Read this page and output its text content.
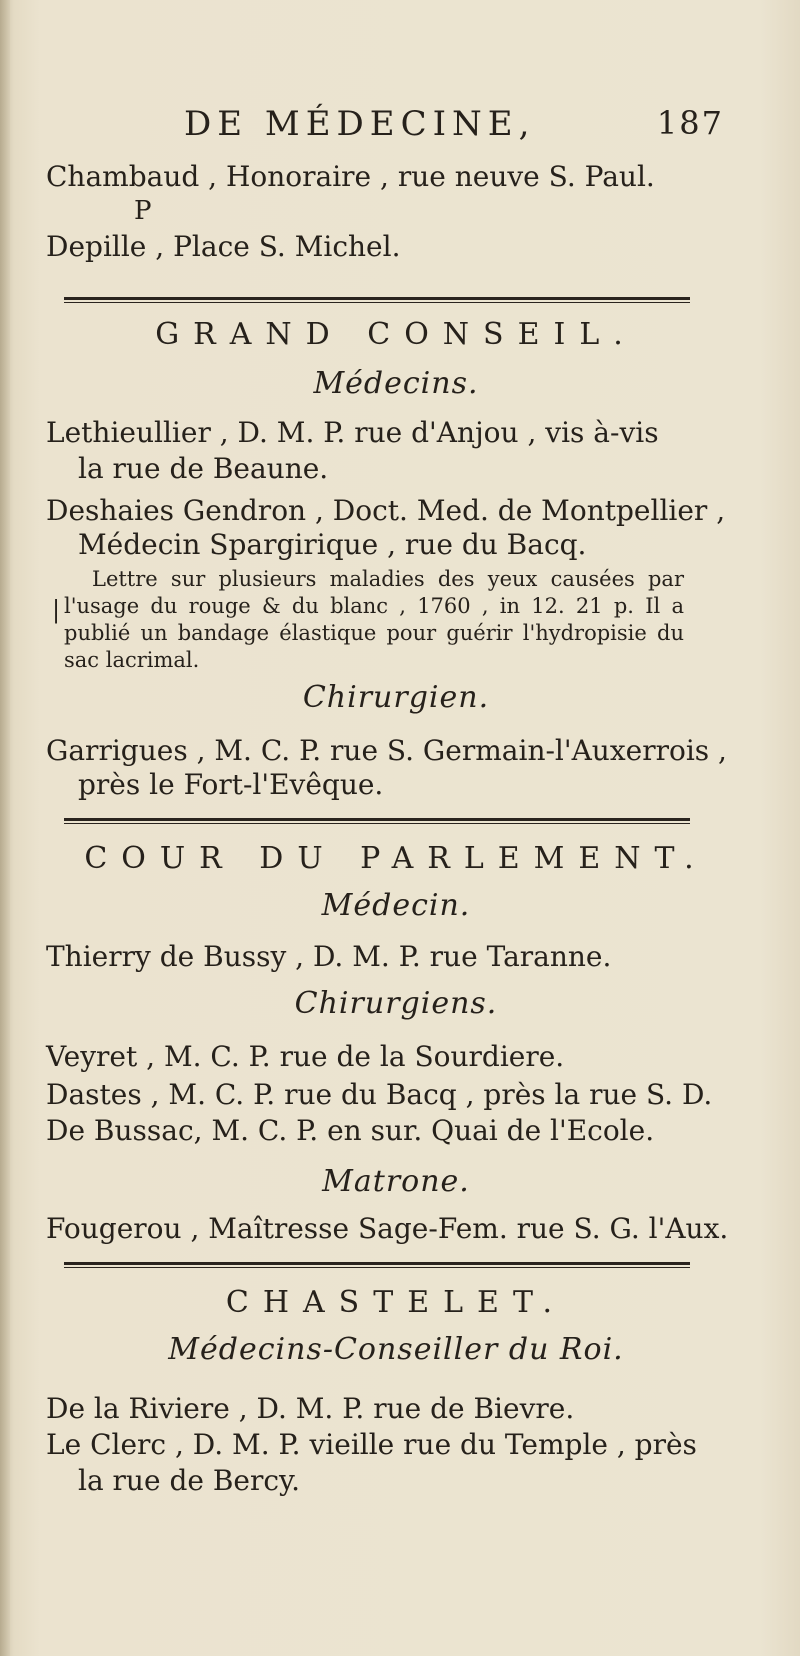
DE MÉDECINE,	187
Chambaud , Honoraire , rue neuve S. Paul.
P
Depille , Place S. Michel.
GRAND CONSEIL.
Médecins.
Lethieullier , D. M. P. rue d'Anjou , vis à-vis
la rue de Beaune.
Deshaies Gendron , Doct. Med. de Montpellier ,
Médecin Spargirique , rue du Bacq.
|
Lettre sur plusieurs maladies des yeux causées par l'usage du rouge & du blanc , 1760 , in 12. 21 p. Il a publié un bandage élastique pour guérir l'hydropisie du sac lacrimal.
Chirurgien.
Garrigues , M. C. P. rue S. Germain-l'Auxerrois ,
près le Fort-l'Evêque.
COUR DU PARLEMENT.
Médecin.
Thierry de Bussy , D. M. P. rue Taranne.
Chirurgiens.
Veyret , M. C. P. rue de la Sourdiere.
Dastes , M. C. P. rue du Bacq , près la rue S. D.
De Bussac, M. C. P. en sur. Quai de l'Ecole.
Matrone.
Fougerou , Maîtresse Sage-Fem. rue S. G. l'Aux.
CHASTELET.
Médecins-Conseiller du Roi.
De la Riviere , D. M. P. rue de Bievre.
Le Clerc , D. M. P. vieille rue du Temple , près
la rue de Bercy.
